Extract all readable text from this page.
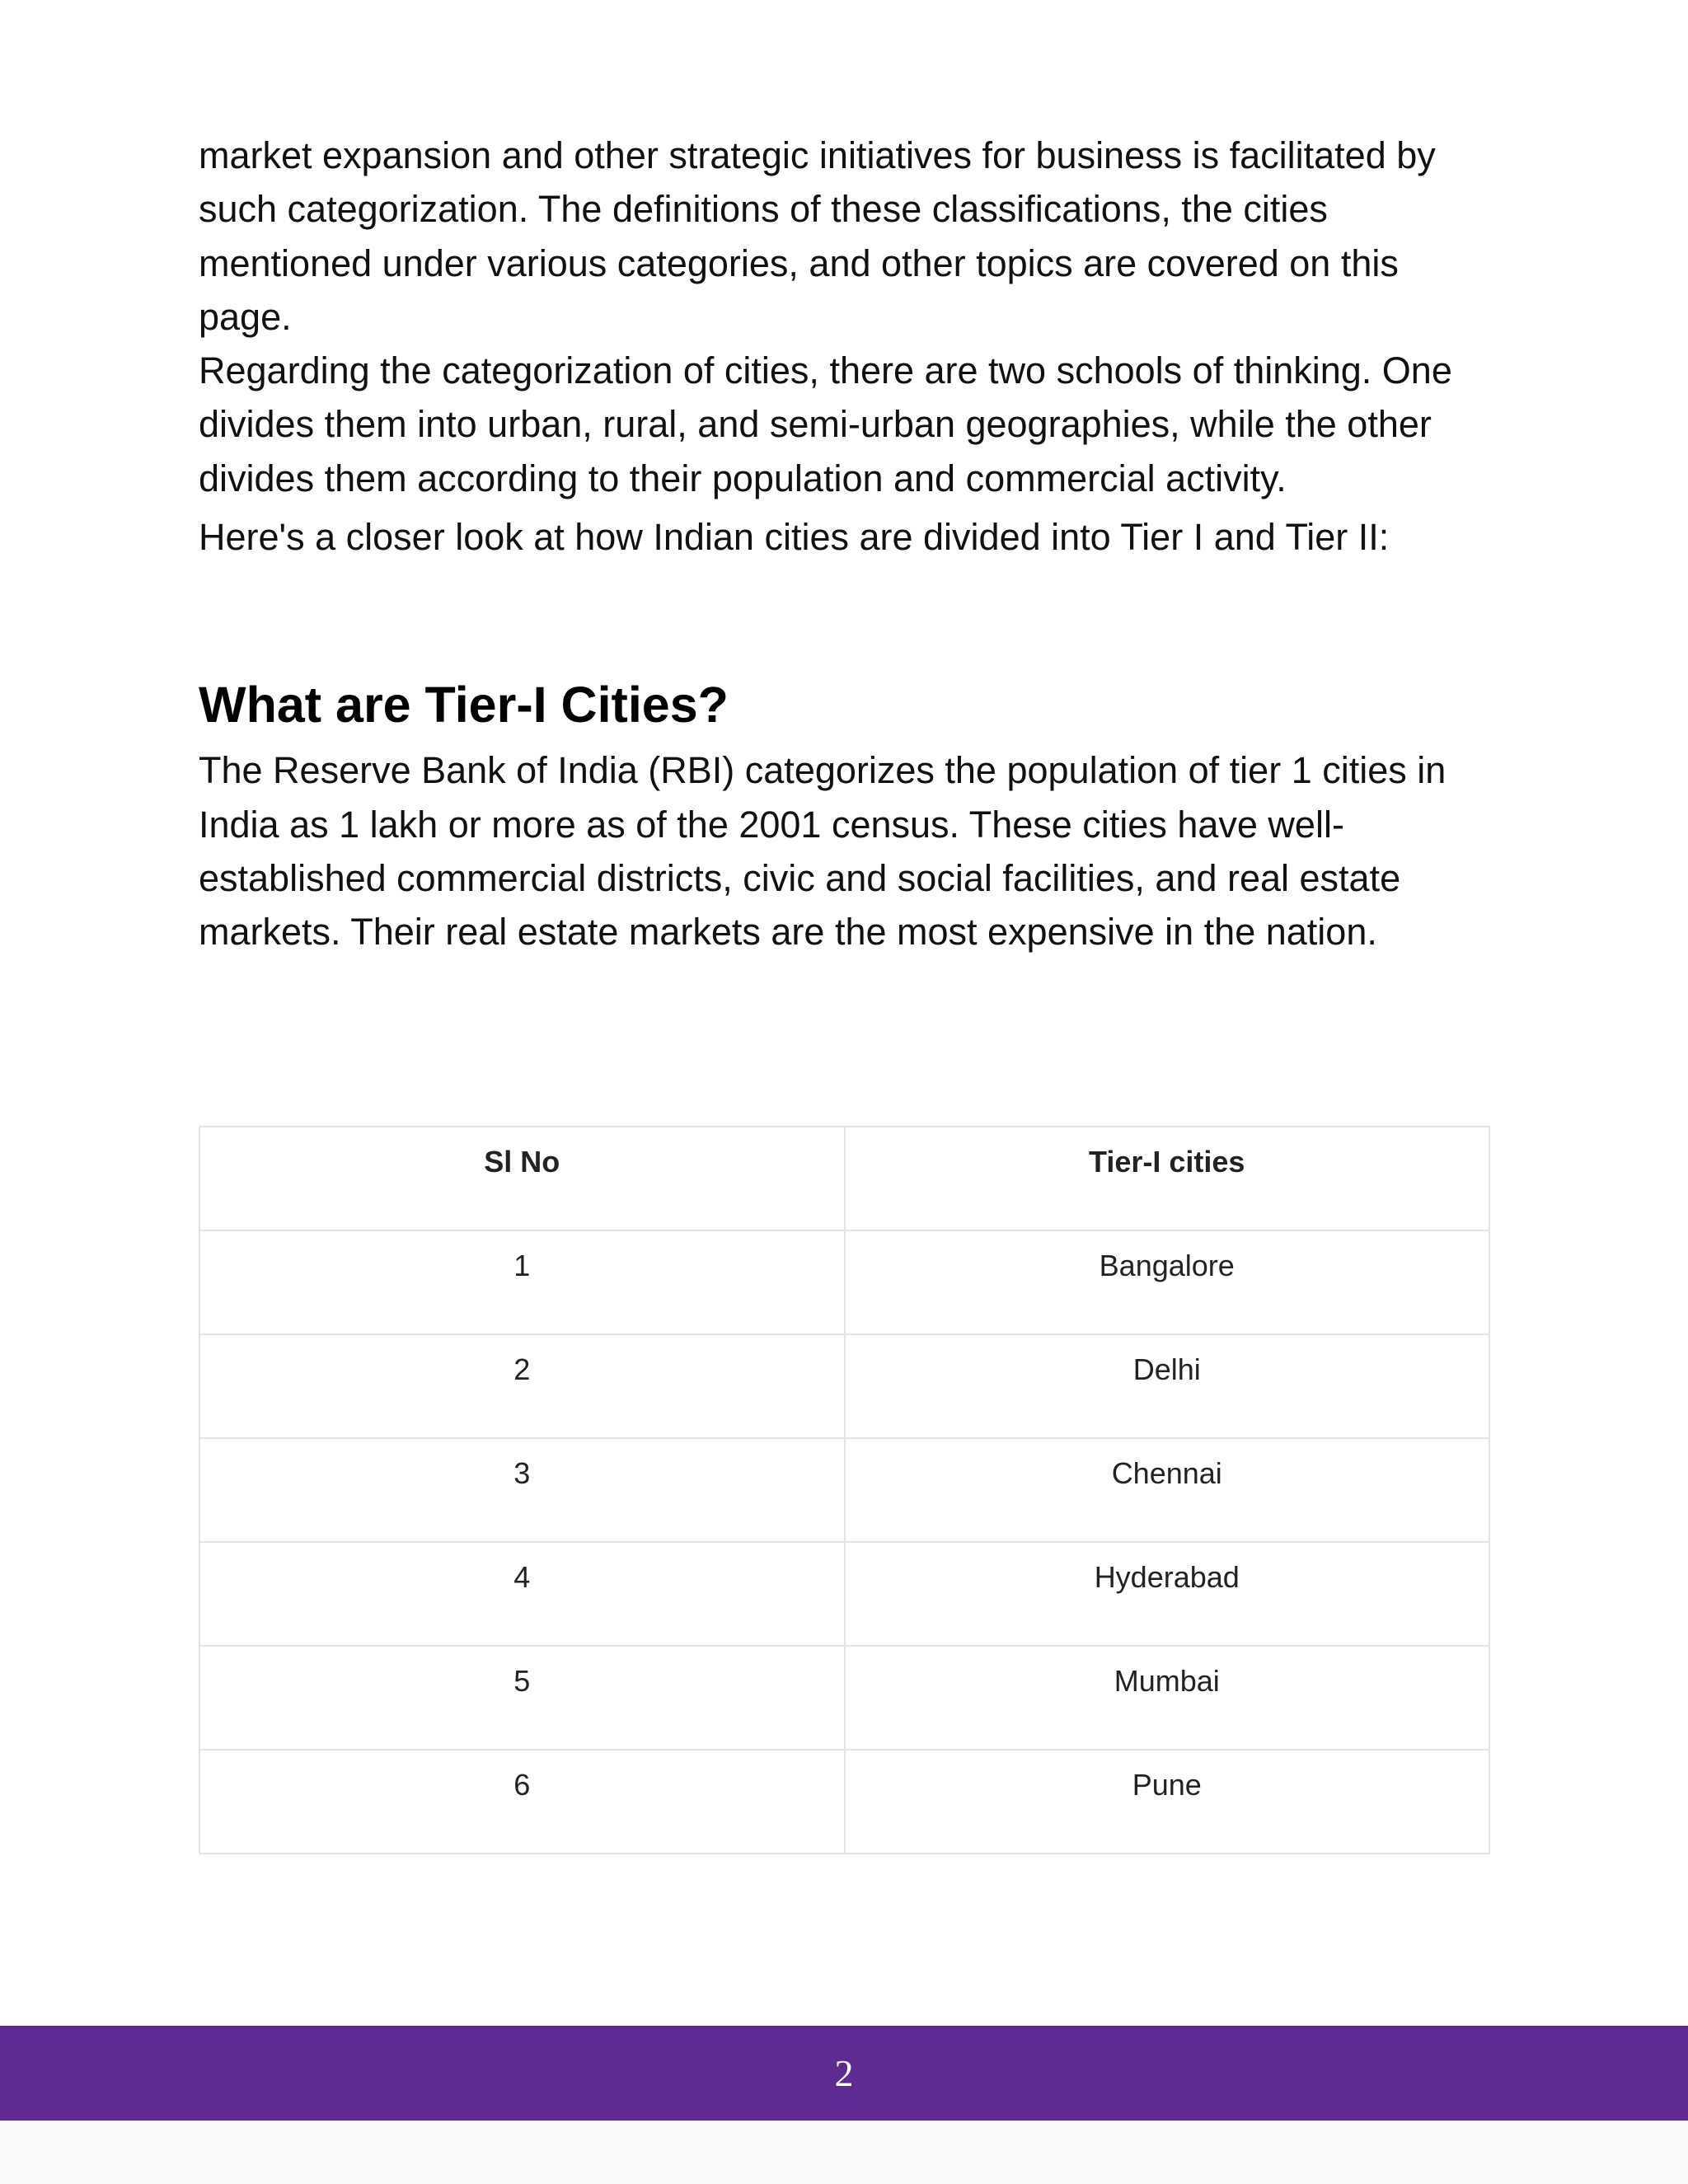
market expansion and other strategic initiatives for business is facilitated by such categorization. The definitions of these classifications, the cities mentioned under various categories, and other topics are covered on this page.

Regarding the categorization of cities, there are two schools of thinking. One divides them into urban, rural, and semi-urban geographies, while the other divides them according to their population and commercial activity.

Here's a closer look at how Indian cities are divided into Tier I and Tier II:

What are Tier-I Cities?

The Reserve Bank of India (RBI) categorizes the population of tier 1 cities in India as 1 lakh or more as of the 2001 census. These cities have well-established commercial districts, civic and social facilities, and real estate markets. Their real estate markets are the most expensive in the nation.

Sl No	Tier-I cities

1	Bangalore

2	Delhi

3	Chennai

4	Hyderabad

5	Mumbai

6	Pune
2
